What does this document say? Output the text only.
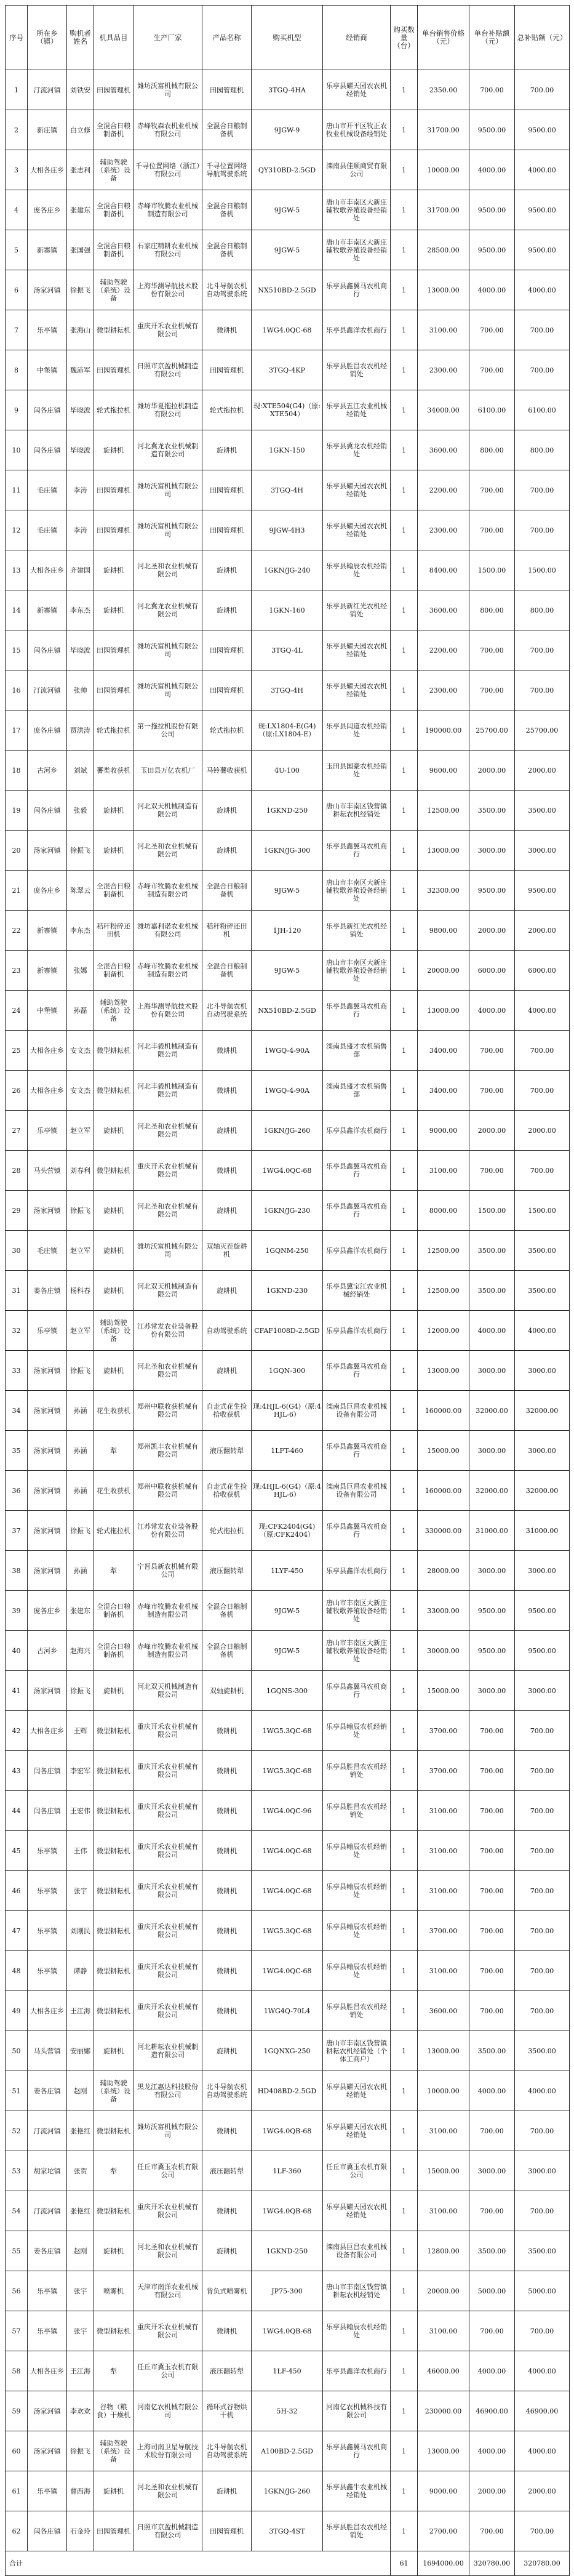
序号	所在乡（镇）	购机者姓名	机具品目	生产厂家	产品名称	购买机型	经销商	购买数量（台）	单台销售价格（元）	单台补贴额（元）	总补贴额（元）
1	汀流河镇	刘铁安	田园管理机	潍坊沃富机械有限公司	田园管理机	3TGQ-4HA	乐亭县耀天园农农机经销处	1	2350.00	700.00	700.00
2	新庄镇	白立修	全混合日粮制备机	赤峰牧森农机业机械有限公司	全混合日粮制备机	9JGW-9	唐山市开平区牧正农牧业机械设备经销处	1	31700.00	9500.00	9500.00
3	大相各庄乡	张志利	辅助驾驶（系统）设备	千寻位置网络（浙江）有限公司	千寻位置网络导航驾驶系统	QY310BD-2.5GD	滦南县佳顺商贸有限公司	1	10000.00	4000.00	4000.00
4	庞各庄乡	张建东	全混合日粮制备机	赤峰市牧腾农业机械制造有限公司	全混合日粮制备机	9JGW-5	唐山市丰南区大新庄辅牧歌养殖设备经销处	1	31700.00	9500.00	9500.00
5	新寨镇	张国强	全混合日粮制备机	石家庄精耕农业机械有限公司	全混合日粮制备机	9JGW-5	唐山市丰南区大新庄辅牧歌养殖设备经销处	1	28500.00	9500.00	9500.00
6	汤家河镇	徐振飞	辅助驾驶（系统）设备	上海华测导航技术股份有限公司	北斗导航农机自动驾驶系统	NX510BD-2.5GD	乐亭县鑫翼马农机商行	1	13000.00	4000.00	4000.00
7	乐亭镇	张海山	微型耕耘机	重庆开禾农业机械有限公司	微耕机	1WG4.0QC-68	乐亭县鑫洋农机商行	1	3100.00	700.00	700.00
8	中堡镇	魏沛军	田园管理机	日照市京盈机械制造有限公司	田园管理机	3TGQ-4KP	乐亭县胜昌农农机经销处	1	2300.00	700.00	700.00
9	闫各庄镇	毕晓波	轮式拖拉机	潍坊华夏拖拉机制造有限公司	轮式拖拉机	现:XTE504(G4)（原:XTE504）	乐亭县五江农业机械经销处	1	34000.00	6100.00	6100.00
10	闫各庄镇	毕晓波	旋耕机	河北冀龙农业机械制造有限公司	旋耕机	1GKN-150	乐亭县冀龙农机经销处	1	3600.00	800.00	800.00
11	毛庄镇	李涛	田园管理机	潍坊沃富机械有限公司	田园管理机	3TGQ-4H	乐亭县耀天园农农机经销处	1	2200.00	700.00	700.00
12	毛庄镇	李涛	田园管理机	潍坊沃富机械有限公司	田园管理机	9JGW-4H3	乐亭县耀天园农农机经销处	1	2300.00	700.00	700.00
13	大相各庄乡	齐建国	旋耕机	河北圣和农业机械有限公司	旋耕机	1GKN/JG-240	乐亭县翰辰农机经销处	1	8400.00	1500.00	1500.00
14	新寨镇	李东杰	旋耕机	河北冀龙农业机械有限公司	旋耕机	1GKN-160	乐亭县新红光农机经销处	1	3600.00	800.00	800.00
15	闫各庄镇	毕晓波	田园管理机	潍坊沃富机械有限公司	田园管理机	3TGQ-4L	乐亭县耀天园农农机经销处	1	2200.00	700.00	700.00
16	汀流河镇	张帅	田园管理机	潍坊沃富机械有限公司	田园管理机	3TGQ-4H	乐亭县耀天园农农机经销处	1	2300.00	700.00	700.00
17	庞各庄镇	贾洪涛	轮式拖拉机	第一拖拉机股份有限公司	轮式拖拉机	现:LX1804-E(G4)（原:LX1804-E）	乐亭县闫道农机经销处	1	190000.00	25700.00	25700.00
18	古河乡	刘斌	薯类收获机	玉田县万亿农机厂	马铃薯收获机	4U-100	玉田县国豪农机经销处	1	9600.00	2000.00	2000.00
19	闫各庄镇	张毅	旋耕机	河北双天机械制造有限公司	旋耕机	1GKND-250	唐山市丰南区钱营镇耕耘农机经销处	1	12500.00	3500.00	3500.00
20	汤家河镇	徐振飞	旋耕机	河北圣和农业机械有限公司	旋耕机	1GKN/JG-300	乐亭县鑫翼马农机商行	1	13000.00	3000.00	3000.00
21	庞各庄乡	陈翠云	全混合日粮制备机	赤峰市牧腾农业机械制造有限公司	全混合日粮制备机	9JGW-5	唐山市丰南区大新庄辅牧歌养殖设备经销处	1	32300.00	9500.00	9500.00
22	新寨镇	李东杰	秸秆粉碎还田机	潍坊嘉利诺农业机械有限公司	秸秆粉碎还田机	1JH-120	乐亭县新红光农机经销处	1	9800.00	2000.00	2000.00
23	新寨镇	张娜	全混合日粮制备机	赤峰市牧腾农业机械制造有限公司	全混合日粮制备机	9JGW-5	唐山市丰南区大新庄辅牧歌养殖设备经销处	1	20000.00	6000.00	6000.00
24	中堡镇	孙磊	辅助驾驶（系统）设备	上海华测导航技术股份有限公司	北斗导航农机自动驾驶系统	NX510BD-2.5GD	乐亭县鑫翼马农机商行	1	13000.00	4000.00	4000.00
25	大相各庄乡	安文杰	微型耕耘机	河北丰毅机械制造有限公司	微耕机	1WGQ-4-90A	滦南县盛才农机销售部	1	3400.00	700.00	700.00
26	大相各庄乡	安文杰	微型耕耘机	河北丰毅机械制造有限公司	微耕机	1WGQ-4-90A	滦南县盛才农机销售部	1	3400.00	700.00	700.00
27	乐亭镇	赵立军	旋耕机	河北圣和农业机械有限公司	旋耕机	1GKN/JG-260	乐亭县鑫洋农机商行	1	9000.00	2000.00	2000.00
28	马头营镇	刘春利	微型耕耘机	重庆开禾农业机械有限公司	微耕机	1WG4.0QC-68	乐亭县鑫翼马农机商行	1	3100.00	700.00	700.00
29	汤家河镇	徐振飞	旋耕机	河北圣和农业机械有限公司	旋耕机	1GKN/JG-230	乐亭县鑫翼马农机商行	1	8000.00	1500.00	1500.00
30	毛庄镇	赵立军	旋耕机	潍坊沃富机械有限公司	双轴灭茬旋耕机	1GQNM-250	乐亭县鑫洋农机商行	1	12500.00	3500.00	3500.00
31	姜各庄镇	杨科春	旋耕机	河北双天机械制造有限公司	旋耕机	1GKND-230	乐亭县冀宝江农业机械经销处	1	12500.00	3500.00	3500.00
32	乐亭镇	赵立军	辅助驾驶（系统）设备	江苏常发农业装备股份有限公司	自动驾驶系统	CFAF1008D-2.5GD	乐亭县鑫洋农机商行	1	12000.00	4000.00	4000.00
33	汤家河镇	徐振飞	旋耕机	河北圣和农业机械有限公司	旋耕机	1GQN-300	乐亭县鑫翼马农机商行	1	13000.00	3000.00	3000.00
34	汤家河镇	孙涵	花生收获机	郑州中联收获机械有限公司	自走式花生捡拾收获机	现:4HJL-6(G4)（原:4HJL-6）	滦南县巨昌农业机械设备有限公司	1	160000.00	32000.00	32000.00
35	汤家河镇	孙涵	犁	郑州凯丰农业机械有限公司	液压翻转犁	1LFT-460	乐亭县鑫翼马农机商行	1	15000.00	3000.00	3000.00
36	汤家河镇	孙涵	花生收获机	郑州中联收获机械有限公司	自走式花生捡拾收获机	现:4HJL-6(G4)（原:4HJL-6）	滦南县巨昌农业机械设备有限公司	1	160000.00	32000.00	32000.00
37	汤家河镇	徐振飞	轮式拖拉机	江苏常发农业装备股份有限公司	轮式拖拉机	现:CFK2404(G4)（原:CFK2404）	乐亭县鑫翼马农机商行	1	330000.00	31000.00	31000.00
38	汤家河镇	孙涵	犁	宁晋县新农机械有限公司	液压翻转犁	1LYF-450	乐亭县鑫洋农机商行	1	28000.00	3000.00	3000.00
39	庞各庄乡	张建东	全混合日粮制备机	赤峰市牧腾农业机械制造有限公司	全混合日粮制备机	9JGW-5	唐山市丰南区大新庄辅牧歌养殖设备经销处	1	33000.00	9500.00	9500.00
40	古河乡	赵海兴	全混合日粮制备机	赤峰市牧腾农业机械制造有限公司	全混合日粮制备机	9JGW-5	唐山市丰南区大新庄辅牧歌养殖设备经销处	1	30000.00	9500.00	9500.00
41	汤家河镇	徐振飞	旋耕机	河北双天机械制造有限公司	双轴旋耕机	1GQNS-300	乐亭县鑫翼马农机商行	1	15000.00	3000.00	3000.00
42	大相各庄乡	王辉	微型耕耘机	重庆开禾农业机械有限公司	微耕机	1WG5.3QC-68	乐亭县翰辰农机经销处	1	3700.00	700.00	700.00
43	闫各庄镇	李宏军	微型耕耘机	重庆开禾农业机械有限公司	微耕机	1WG5.3QC-68	乐亭县胜昌农农机经销处	1	3700.00	700.00	700.00
44	闫各庄镇	王宏伟	微型耕耘机	重庆开禾农业机械有限公司	微耕机	1WG4.0QC-96	乐亭县胜昌农农机经销处	1	3100.00	700.00	700.00
45	乐亭镇	王伟	微型耕耘机	重庆开禾农业机械有限公司	微耕机	1WG4.0QC-68	乐亭县翰辰农机经销处	1	3100.00	700.00	700.00
46	乐亭镇	张宇	微型耕耘机	重庆开禾农业机械有限公司	微耕机	1WG4.0QC-68	乐亭县翰辰农机经销处	1	3100.00	700.00	700.00
47	乐亭镇	刘刚民	微型耕耘机	重庆开禾农业机械有限公司	微耕机	1WG5.3QC-68	乐亭县翰辰农机经销处	1	3700.00	700.00	700.00
48	乐亭镇	谭静	微型耕耘机	重庆开禾农业机械有限公司	微耕机	1WG4.0QC-68	乐亭县翰辰农机经销处	1	3100.00	700.00	700.00
49	大相各庄乡	王江海	微型耕耘机	重庆开禾农业机械有限公司	微耕机	1WG4Q-70L4	乐亭县胜昌农农机经销处	1	3600.00	700.00	700.00
50	马头营镇	安丽娜	旋耕机	河北耕耘农业机械制造有限公司	旋耕机	1GQNXG-250	唐山市丰南区钱营镇耕耘农机经销处（个体工商户）	1	13000.00	3500.00	3500.00
51	姜各庄镇	赵刚	辅助驾驶（系统）设备	黑龙江惠达科技股份有限公司	北斗导航农机自动驾驶系统	HD408BD-2.5GD	乐亭县耀天园农农机经销处	1	10000.00	4000.00	4000.00
52	汀流河镇	张艳红	微型耕耘机	潍坊沃富机械有限公司	微耕机	1WG4.0QB-68	乐亭县耀天园农农机经销处	1	3100.00	700.00	700.00
53	胡家坨镇	张贺	犁	任丘市冀玉农机有限公司	液压翻转犁	1LF-360	任丘市冀玉农机有限公司	1	15000.00	3000.00	3000.00
54	汀流河镇	张艳红	微型耕耘机	重庆开禾农业机械有限公司	微耕机	1WG4.0QB-68	乐亭县耀天园农农机经销处	1	3100.00	700.00	700.00
55	姜各庄镇	赵刚	旋耕机	河北圣和农业机械有限公司	旋耕机	1GKND-250	滦南县巨昌农业机械设备有限公司	1	12800.00	3500.00	3500.00
56	乐亭镇	张宇	喷雾机	天津市南洋农业机械有限公司	背负式喷雾机	JP75-300	唐山市丰南区钱营镇耕耘农机经销处	1	20000.00	5000.00	5000.00
57	乐亭镇	张宇	微型耕耘机	重庆开禾农业机械有限公司	微耕机	1WG4.0QB-68	乐亭县翰辰农机经销处	1	3100.00	700.00	700.00
58	大相各庄乡	王江海	犁	任丘市冀玉农机有限公司	液压翻转犁	1LF-450	乐亭县鑫洋农机商行	1	46000.00	4000.00	4000.00
59	汤家河镇	李欢欢	谷物（粮食）干燥机	河南亿农机械有限公司	循环式谷物烘干机	5H-32	河南亿农机械科技有限公司	1	230000.00	46900.00	46900.00
60	汤家河镇	徐振飞	辅助驾驶（系统）设备	上海司南卫星导航技术股份有限公司	北斗导航农机自动驾驶系统	A100BD-2.5GD	乐亭县鑫翼马农机商行	1	13000.00	4000.00	4000.00
61	乐亭镇	曹西海	旋耕机	河北圣和农业机械有限公司	旋耕机	1GKN/JG-260	乐亭县鑫牛农业机械经销处	1	9000.00	2000.00	2000.00
62	闫各庄镇	石金玲	田园管理机	日照市京盈机械制造有限公司	田园管理机	3TGQ-4ST	乐亭县胜昌农农机经销处	1	2700.00	700.00	700.00
合计								61	1694000.00	320780.00	320780.00
